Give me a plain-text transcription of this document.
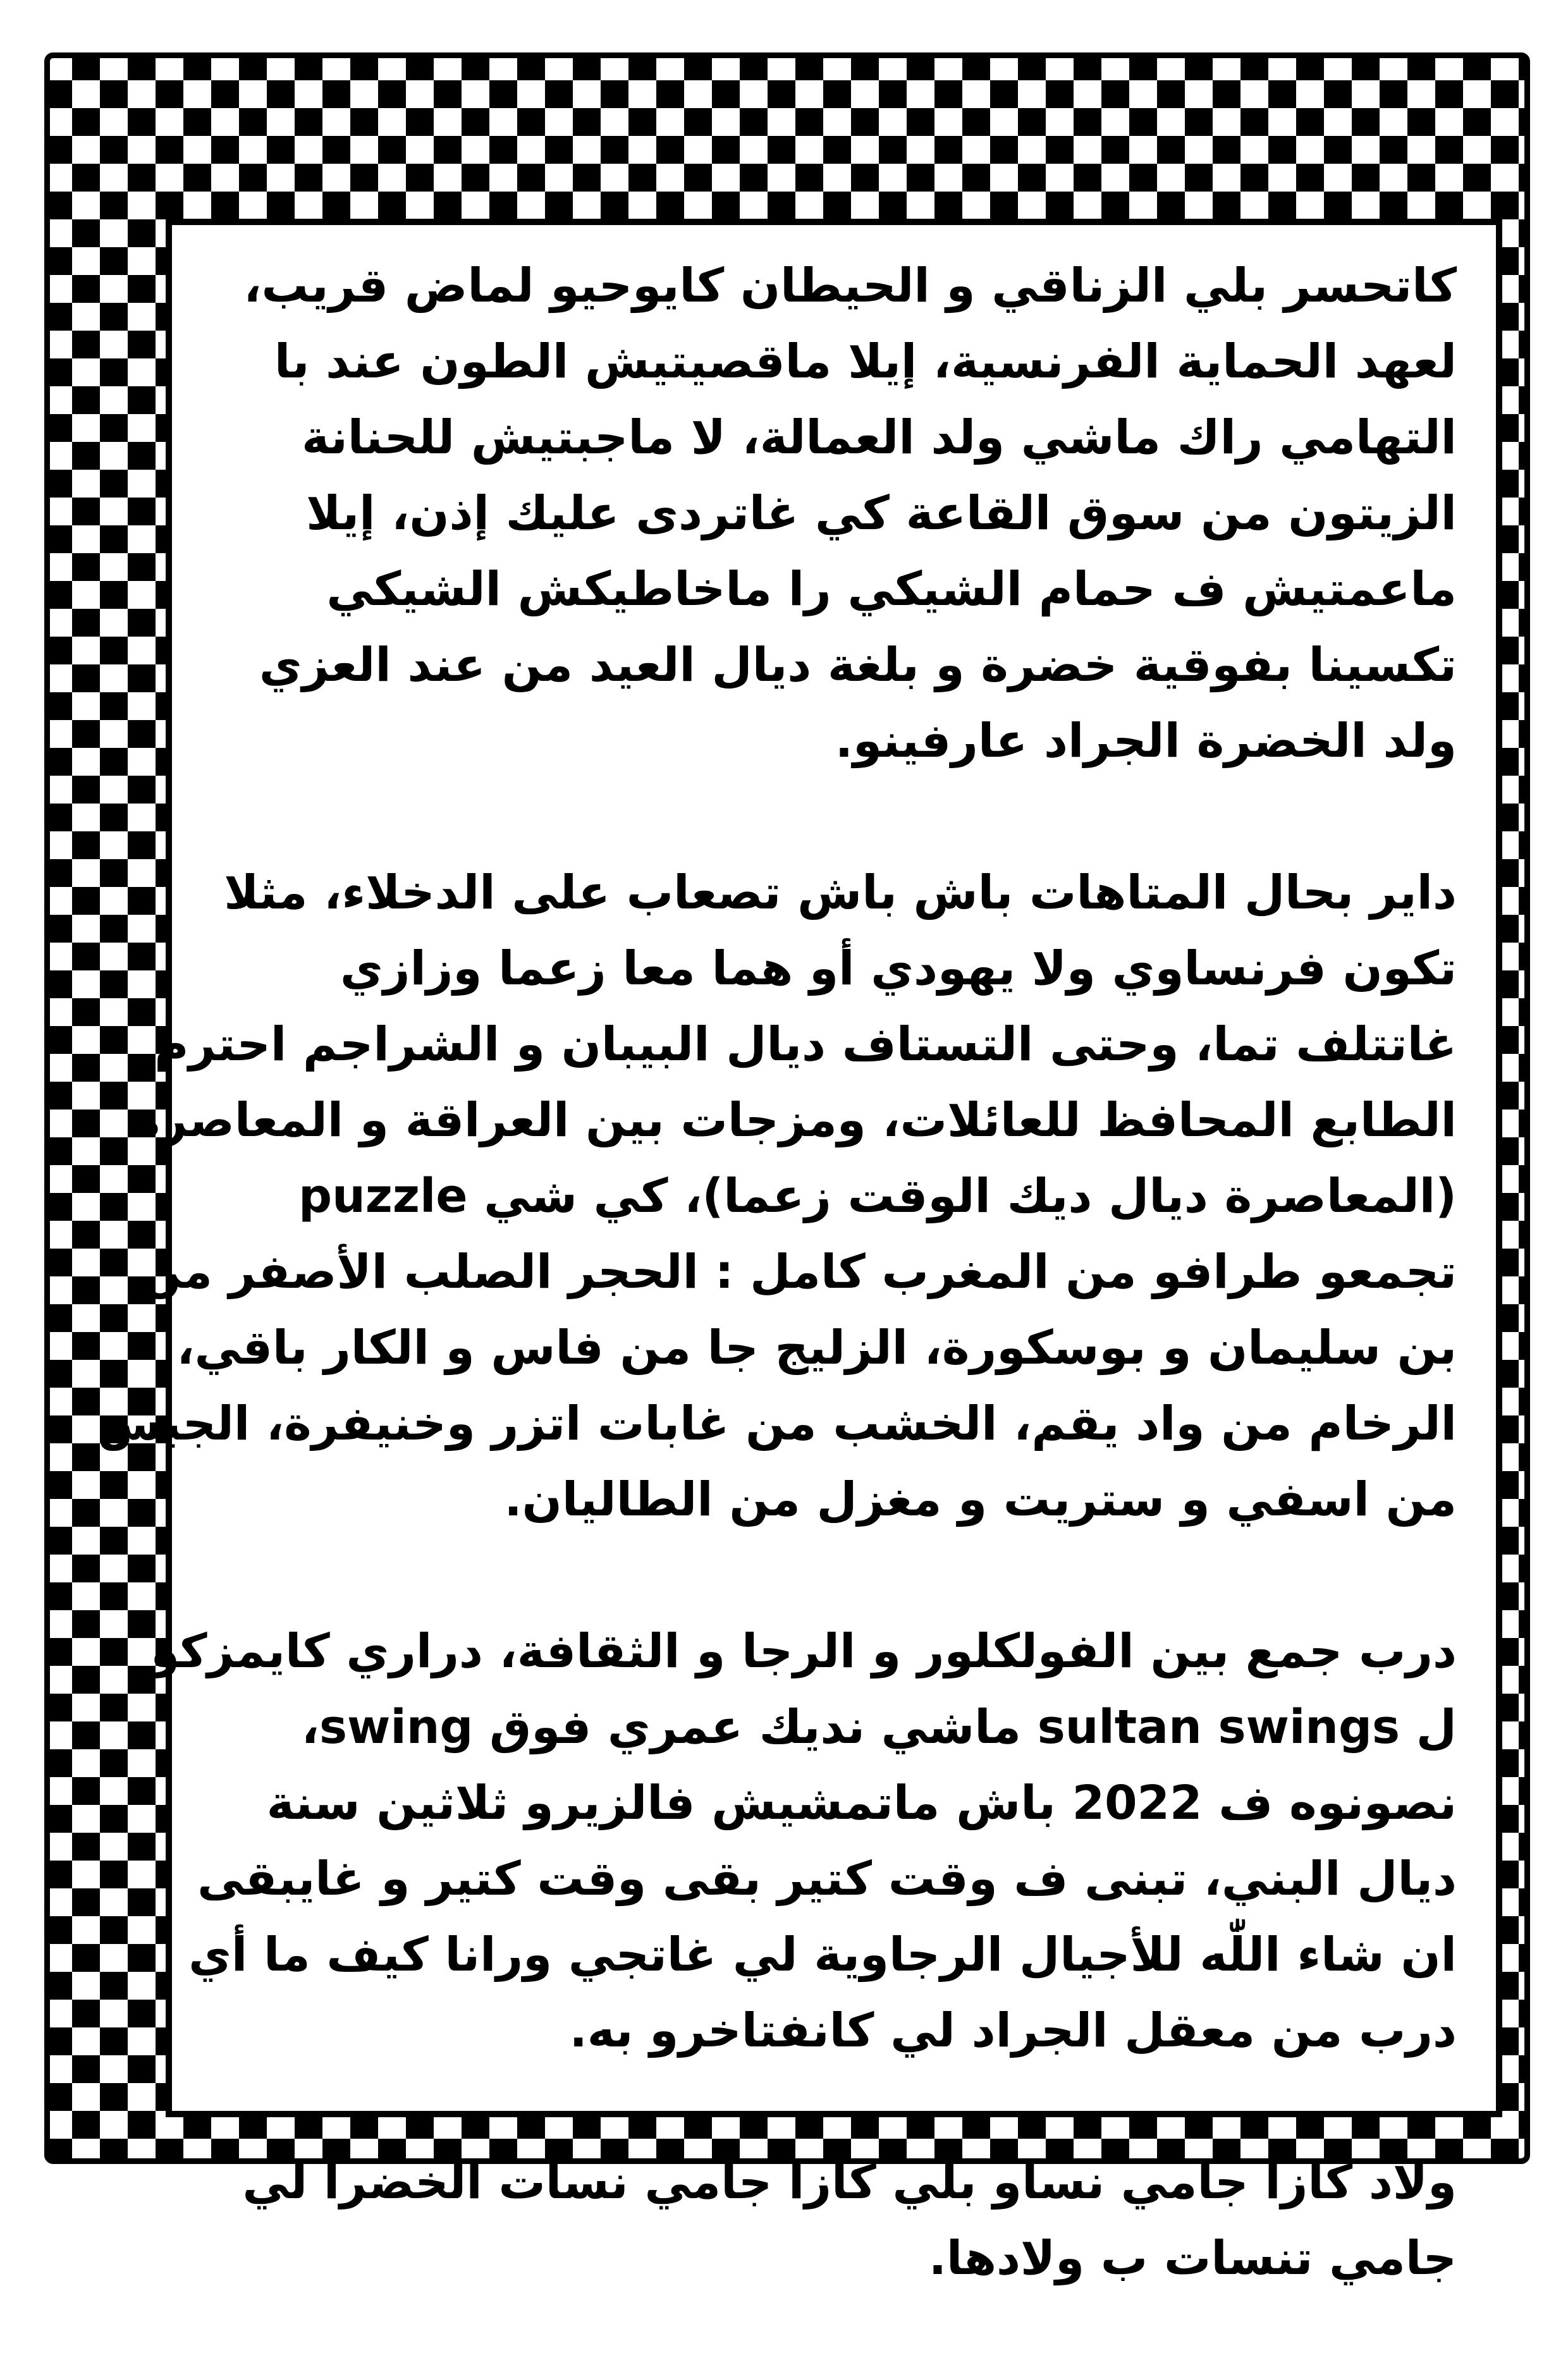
كاتحسر بلي الزناقي و الحيطان كايوحيو لماض قريب،
لعهد الحماية الفرنسية، إيلا ماقصيتيش الطون عند با
التهامي راك ماشي ولد العمالة، لا ماجبتيش للحنانة
الزيتون من سوق القاعة كي غاتردى عليك إذن، إيلا
ماعمتيش ف حمام الشيكي را ماخاطيكش الشيكي
تكسينا بفوقية خضرة و بلغة ديال العيد من عند العزي
ولد الخضرة الجراد عارفينو.

داير بحال المتاهات باش باش تصعاب على الدخلاء، مثلا
تكون فرنساوي ولا يهودي أو هما معا زعما وزازي
غاتتلف تما، وحتى التستاف ديال البيبان و الشراجم احترم
الطابع المحافظ للعائلات، ومزجات بين العراقة و المعاصرة
(المعاصرة ديال ديك الوقت زعما)، كي شي puzzle
تجمعو طرافو من المغرب كامل : الحجر الصلب الأصفر من
بن سليمان و بوسكورة، الزليج جا من فاس و الكار باقي،
الرخام من واد يقم، الخشب من غابات اتزر وخنيفرة، الجبس
من اسفي و ستريت و مغزل من الطاليان.

درب جمع بين الفولكلور و الرجا و الثقافة، دراري كايمزكو
ل sultan swings ماشي نديك عمري فوق swing،
نصونوه ف 2022 باش ماتمشيش فالزيرو ثلاثين سنة
ديال البني، تبنى ف وقت كتير بقى وقت كتير و غايبقى
ان شاء اللّٰه للأجيال الرجاوية لي غاتجي ورانا كيف ما أي
درب من معقل الجراد لي كانفتاخرو به.

ولاد كازا جامي نساو بلي كازا جامي نسات الخضرا لي
جامي تنسات ب ولادها.
